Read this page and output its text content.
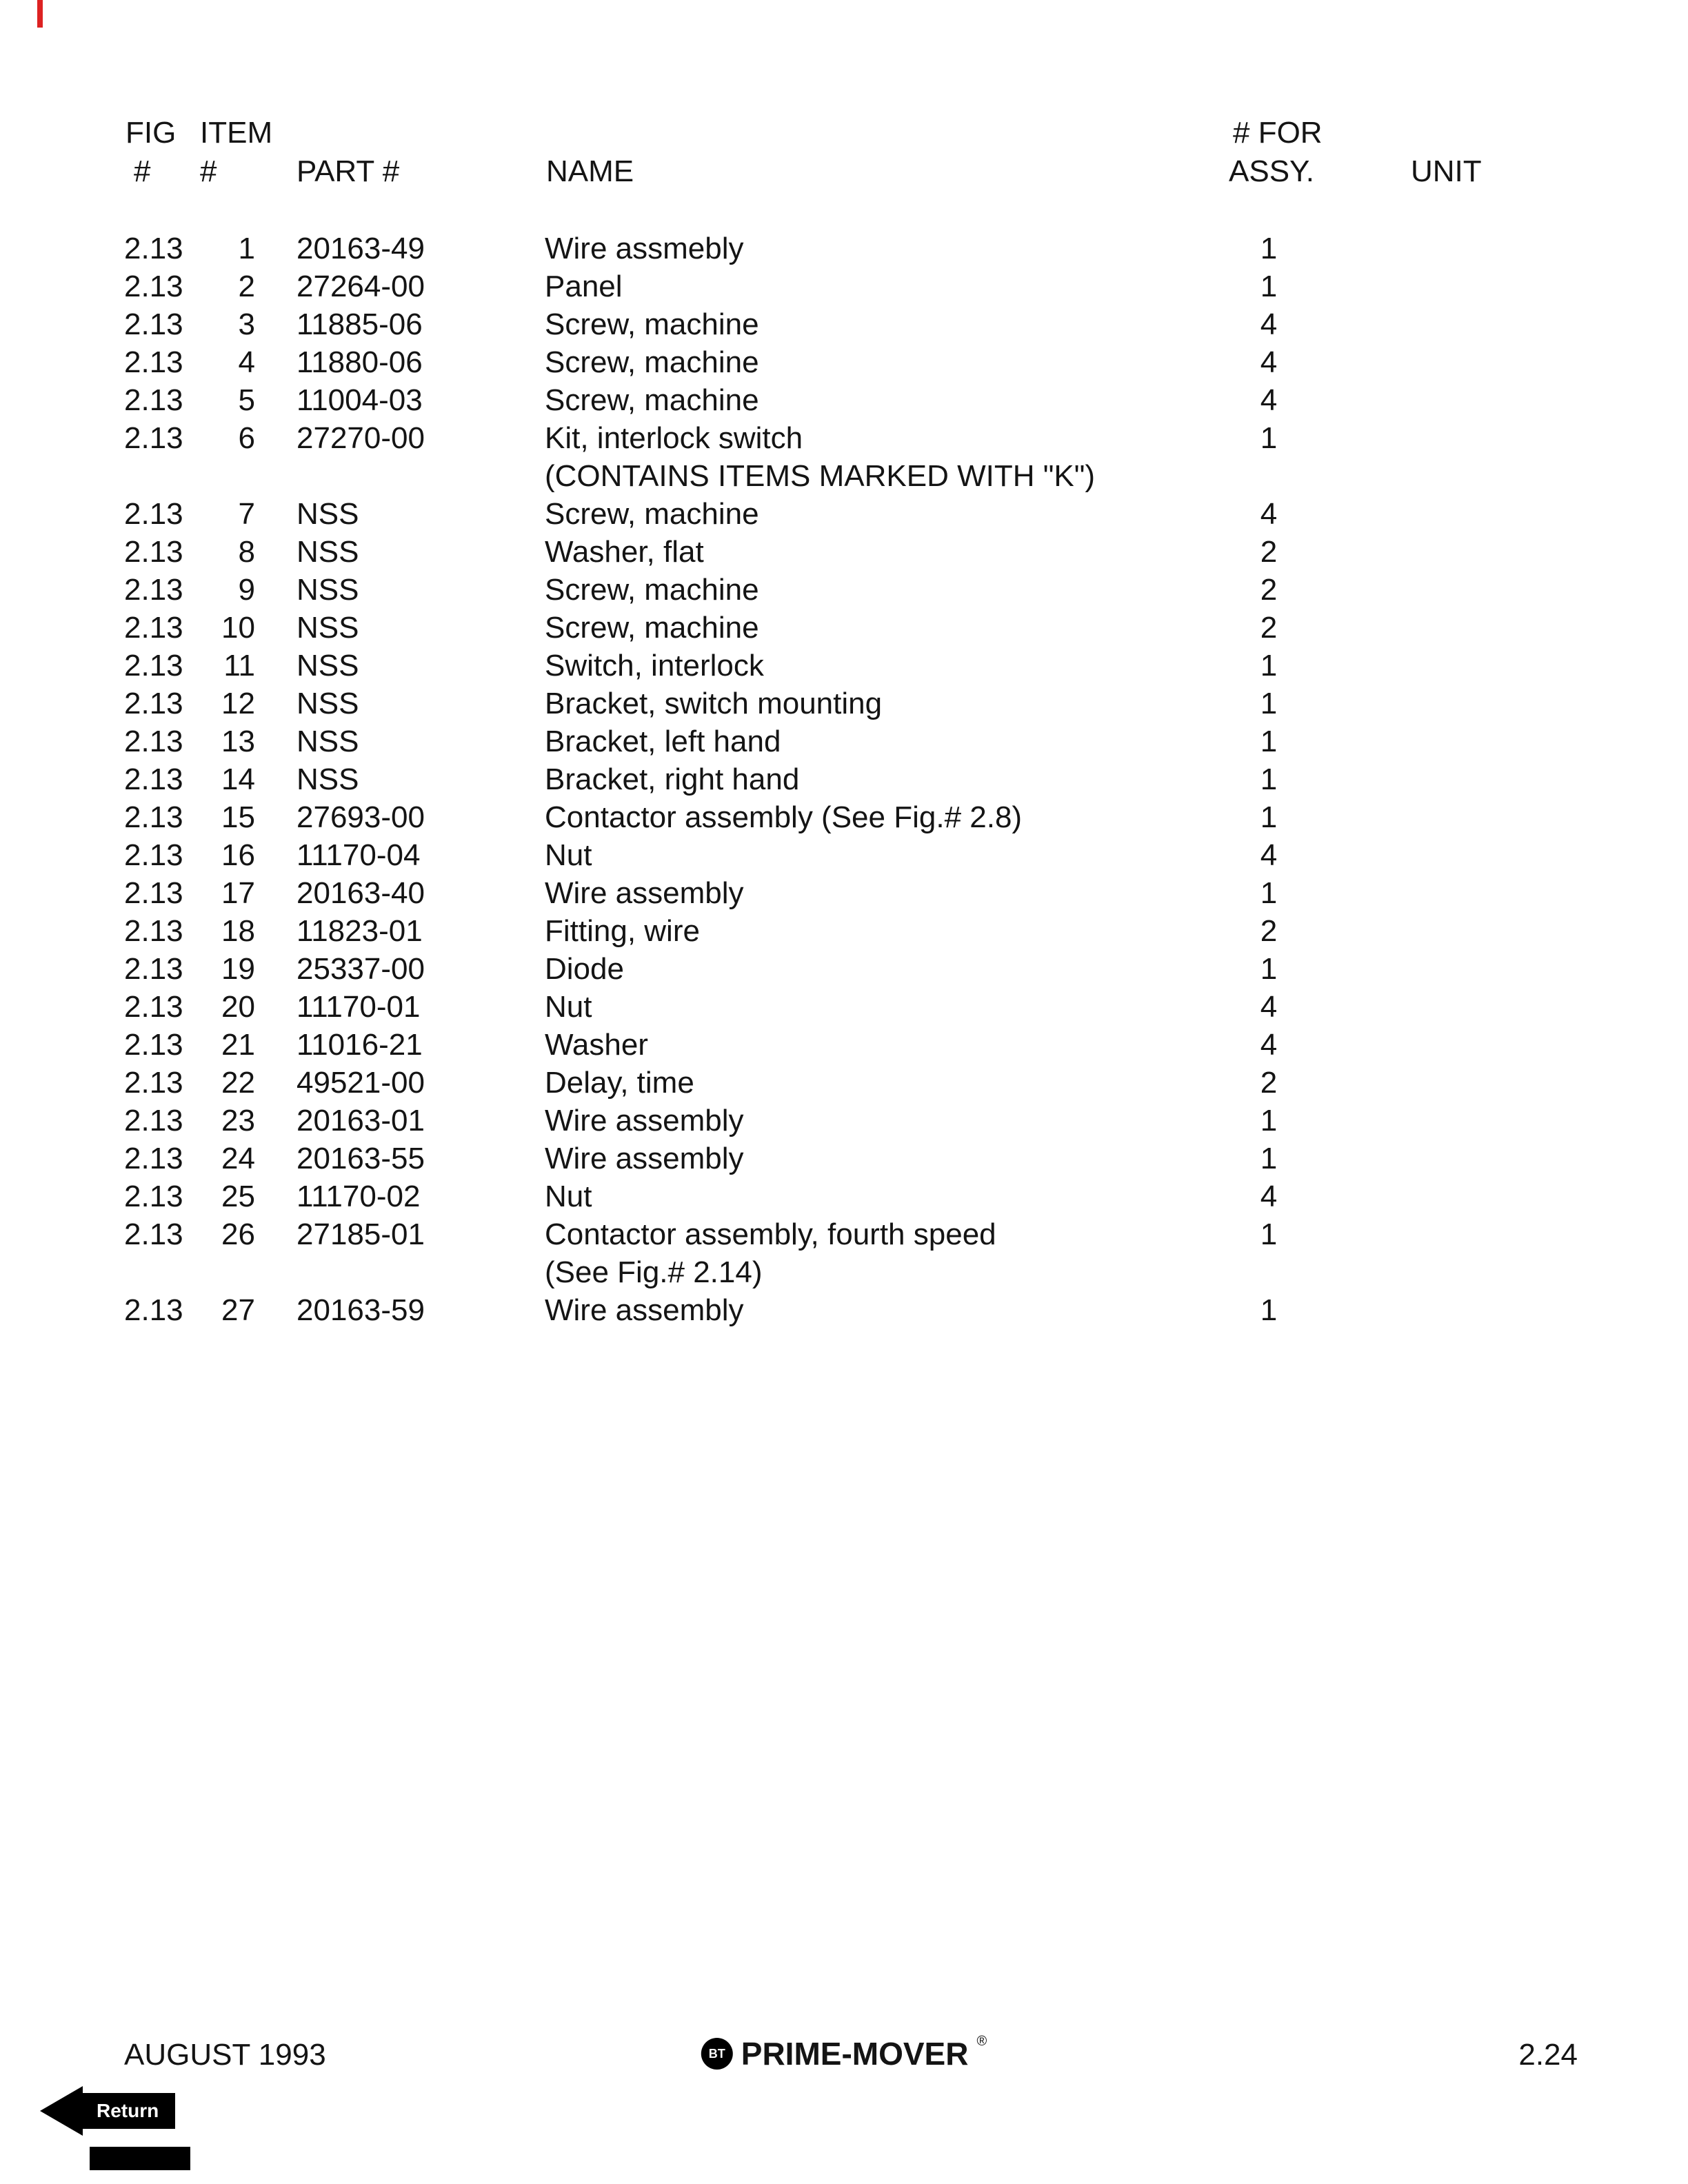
FIG ITEM	# FOR
# #	PART #	NAME	ASSY.	UNIT
2.13	1 20163-49	Wire assmebly	1
2.13	2 27264-00	Panel	1
2.13	3 11885-06	Screw, machine	4
2.13	4 11880-06	Screw, machine	4
2.13	5 11004-03	Screw, machine	4
2.13	6 27270-00	Kit, interlock switch	1
(CONTAINS ITEMS MARKED WITH "K")
2.13	7 NSS	Screw, machine	4
2.13	8 NSS	Washer, flat	2
2.13	9 NSS	Screw, machine	2
2.13	10 NSS	Screw, machine	2
2.13	11 NSS	Switch, interlock	1
2.13	12 NSS	Bracket, switch mounting	1
2.13	13 NSS	Bracket, left hand	1
2.13	14 NSS	Bracket, right hand	1
2.13	15 27693-00	Contactor assembly (See Fig.# 2.8)	1
2.13	16 11170-04	Nut	4
2.13	17 20163-40	Wire assembly	1
2.13	18 11823-01	Fitting, wire	2
2.13	19 25337-00	Diode	1
2.13	20 11170-01	Nut	4
2.13	21 11016-21	Washer	4
2.13	22 49521-00	Delay, time	2
2.13	23 20163-01	Wire assembly	1
2.13	24 20163-55	Wire assembly	1
2.13	25 11170-02	Nut	4
2.13	26 27185-01	Contactor assembly, fourth speed	1
(See Fig.# 2.14)
2.13	27 20163-59	Wire assembly	1
AUGUST 1993	BT PRIME-MOVER ®	2.24
Return
